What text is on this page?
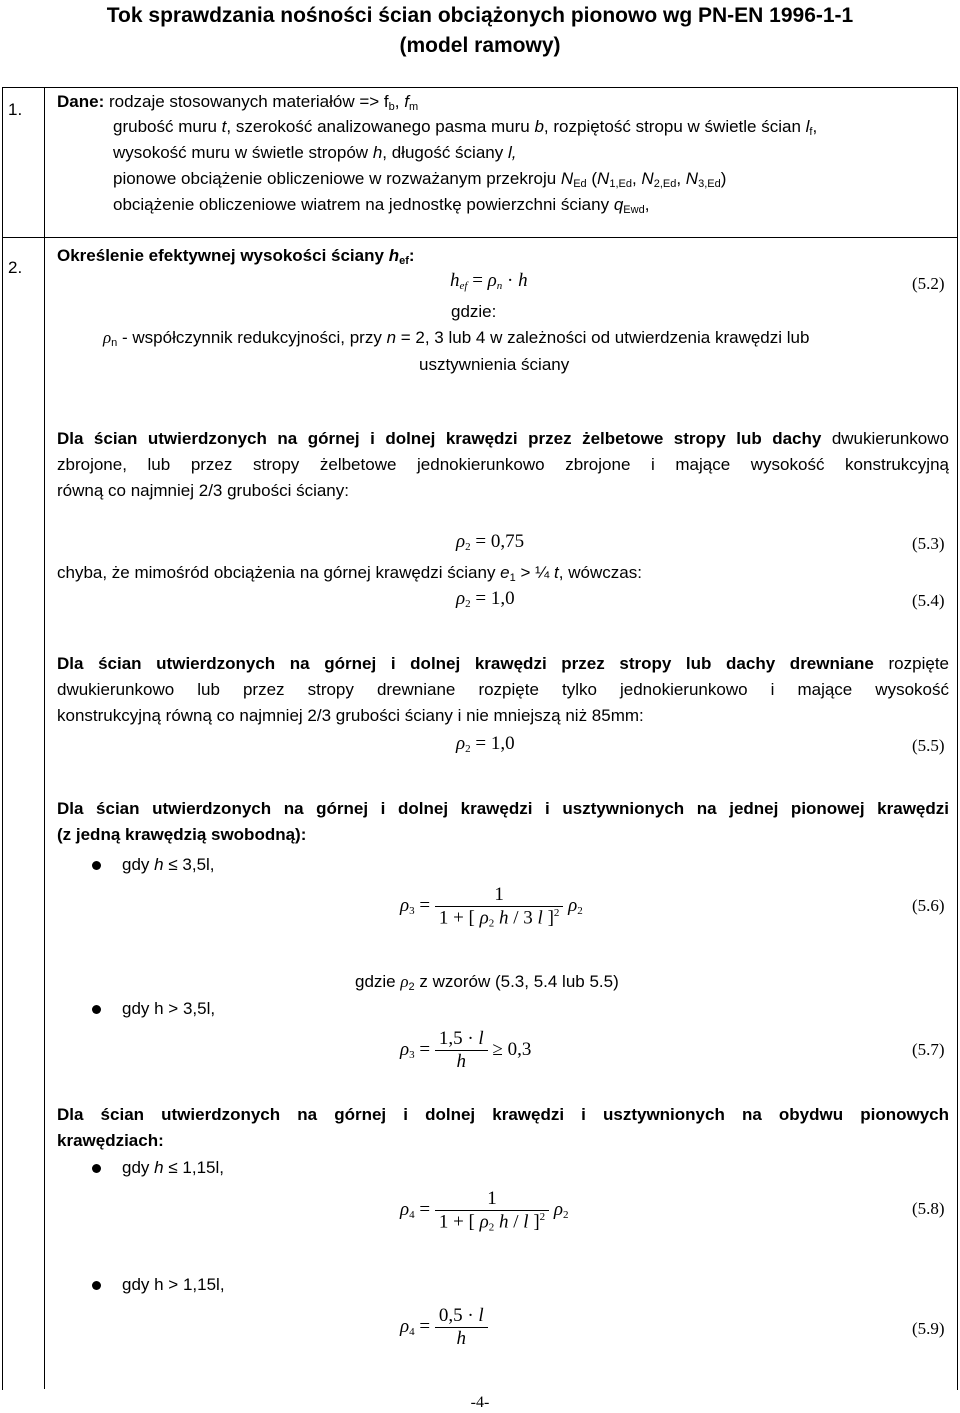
Tok sprawdzania nośności ścian obciążonych pionowo wg PN-EN 1996-1-1
(model ramowy)
1. Dane: rodzaje stosowanych materiałów => $f_b$, $f_m$
grubość muru t, szerokość analizowanego pasma muru b, rozpiętość stropu w świetle ścian $l_f$,
wysokość muru w świetle stropów h, długość ściany l,
pionowe obciążenie obliczeniowe w rozważanym przekroju $N_{Ed}$ ($N_{1,Ed}$, $N_{2,Ed}$, $N_{3,Ed}$)
obciążenie obliczeniowe wiatrem na jednostkę powierzchni ściany $q_{Ewd}$,
2.
Określenie efektywnej wysokości ściany $h_{ef}$:
$h_{ef} = \rho_n \cdot h$	(5.2)
gdzie:
$\rho_n$ - współczynnik redukcyjności, przy n = 2, 3 lub 4 w zależności od utwierdzenia krawędzi lub
usztywnienia ściany
Dla ścian utwierdzonych na górnej i dolnej krawędzi przez żelbetowe stropy lub dachy dwukierunkowo
zbrojone, lub przez stropy żelbetowe jednokierunkowo zbrojone i mające wysokość konstrukcyjną
równą co najmniej 2/3 grubości ściany:
$\rho_2 = 0,75$	(5.3)
chyba, że mimośród obciążenia na górnej krawędzi ściany $e_1$ > ¼ t, wówczas:
$\rho_2 = 1,0$	(5.4)
Dla ścian utwierdzonych na górnej i dolnej krawędzi przez stropy lub dachy drewniane rozpięte
dwukierunkowo lub przez stropy drewniane rozpięte tylko jednokierunkowo i mające wysokość
konstrukcyjną równą co najmniej 2/3 grubości ściany i nie mniejszą niż 85mm:
$\rho_2 = 1,0$	(5.5)
Dla ścian utwierdzonych na górnej i dolnej krawędzi i usztywnionych na jednej pionowej krawędzi
(z jedną krawędzią swobodną):
gdy h ≤ 3,5l,
$\rho_3 = \frac{1}{1 + [ \rho_2 h / 3 l ]^2} \rho_2$	(5.6)
gdzie $\rho_2$ z wzorów (5.3, 5.4 lub 5.5)
gdy h > 3,5l,
$\rho_3 = \frac{1,5 \cdot l}{h} \ge 0,3$	(5.7)
Dla ścian utwierdzonych na górnej i dolnej krawędzi i usztywnionych na obydwu pionowych
krawędziach:
gdy h ≤ 1,15l,
$\rho_4 = \frac{1}{1 + [ \rho_2 h / l ]^2} \rho_2$	(5.8)
gdy h > 1,15l,
$\rho_4 = \frac{0,5 \cdot l}{h}$	(5.9)
-4-
